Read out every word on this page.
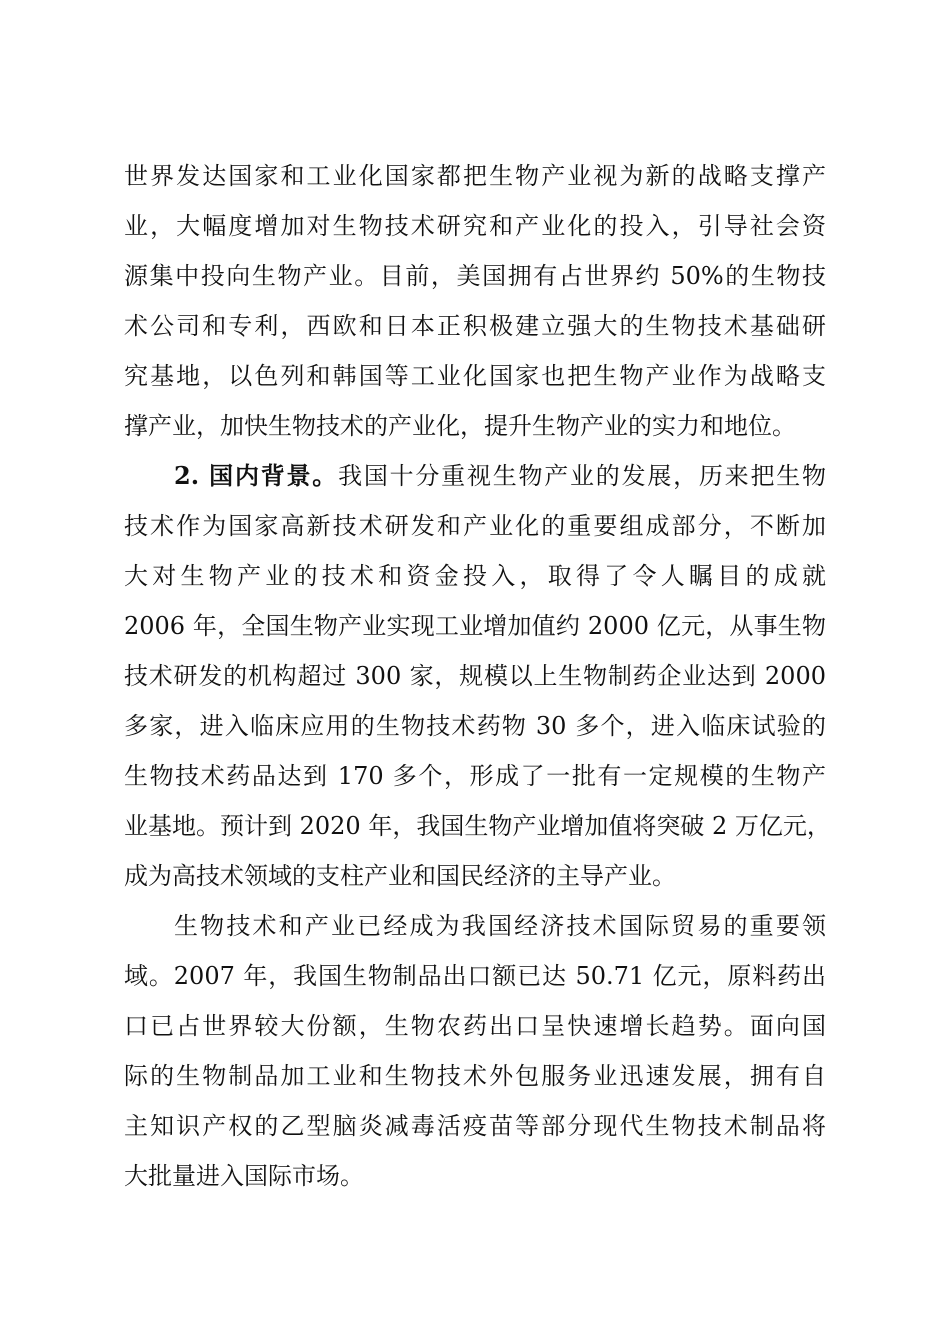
世界发达国家和工业化国家都把生物产业视为新的战略支撑产
业，大幅度增加对生物技术研究和产业化的投入，引导社会资
源集中投向生物产业。目前，美国拥有占世界约 50%的生物技
术公司和专利，西欧和日本正积极建立强大的生物技术基础研
究基地，以色列和韩国等工业化国家也把生物产业作为战略支
撑产业，加快生物技术的产业化，提升生物产业的实力和地位。
2. 国内背景。我国十分重视生物产业的发展，历来把生物
技术作为国家高新技术研发和产业化的重要组成部分，不断加
大对生物产业的技术和资金投入，取得了令人瞩目的成就
2006 年，全国生物产业实现工业增加值约 2000 亿元，从事生物
技术研发的机构超过 300 家，规模以上生物制药企业达到 2000
多家，进入临床应用的生物技术药物 30 多个，进入临床试验的
生物技术药品达到 170 多个，形成了一批有一定规模的生物产
业基地。预计到 2020 年，我国生物产业增加值将突破 2 万亿元，
成为高技术领域的支柱产业和国民经济的主导产业。
生物技术和产业已经成为我国经济技术国际贸易的重要领
域。2007 年，我国生物制品出口额已达 50.71 亿元，原料药出
口已占世界较大份额，生物农药出口呈快速增长趋势。面向国
际的生物制品加工业和生物技术外包服务业迅速发展，拥有自
主知识产权的乙型脑炎减毒活疫苗等部分现代生物技术制品将
大批量进入国际市场。
